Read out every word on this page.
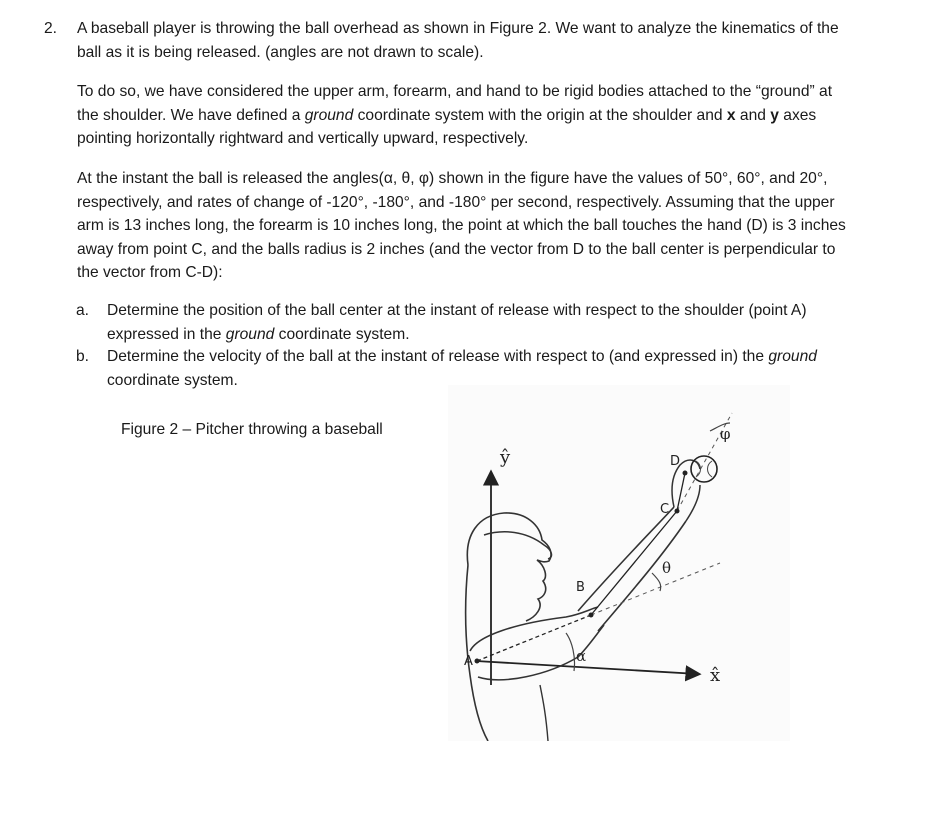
2. A baseball player is throwing the ball overhead as shown in Figure 2. We want to analyze the kinematics of the
ball as it is being released. (angles are not drawn to scale).
To do so, we have considered the upper arm, forearm, and hand to be rigid bodies attached to the “ground” at
the shoulder. We have defined a ground coordinate system with the origin at the shoulder and x and y axes
pointing horizontally rightward and vertically upward, respectively.
At the instant the ball is released the angles(α, θ, φ) shown in the figure have the values of 50°, 60°, and 20°,
respectively, and rates of change of -120°, -180°, and -180° per second, respectively. Assuming that the upper
arm is 13 inches long, the forearm is 10 inches long, the point at which the ball touches the hand (D) is 3 inches
away from point C, and the balls radius is 2 inches (and the vector from D to the ball center is perpendicular to
the vector from C-D):
a. Determine the position of the ball center at the instant of release with respect to the shoulder (point A)
expressed in the ground coordinate system.
b. Determine the velocity of the ball at the instant of release with respect to (and expressed in) the ground
coordinate system.
Figure 2 – Pitcher throwing a baseball
ŷ
x̂
A
B
C
D
α
θ
φ
